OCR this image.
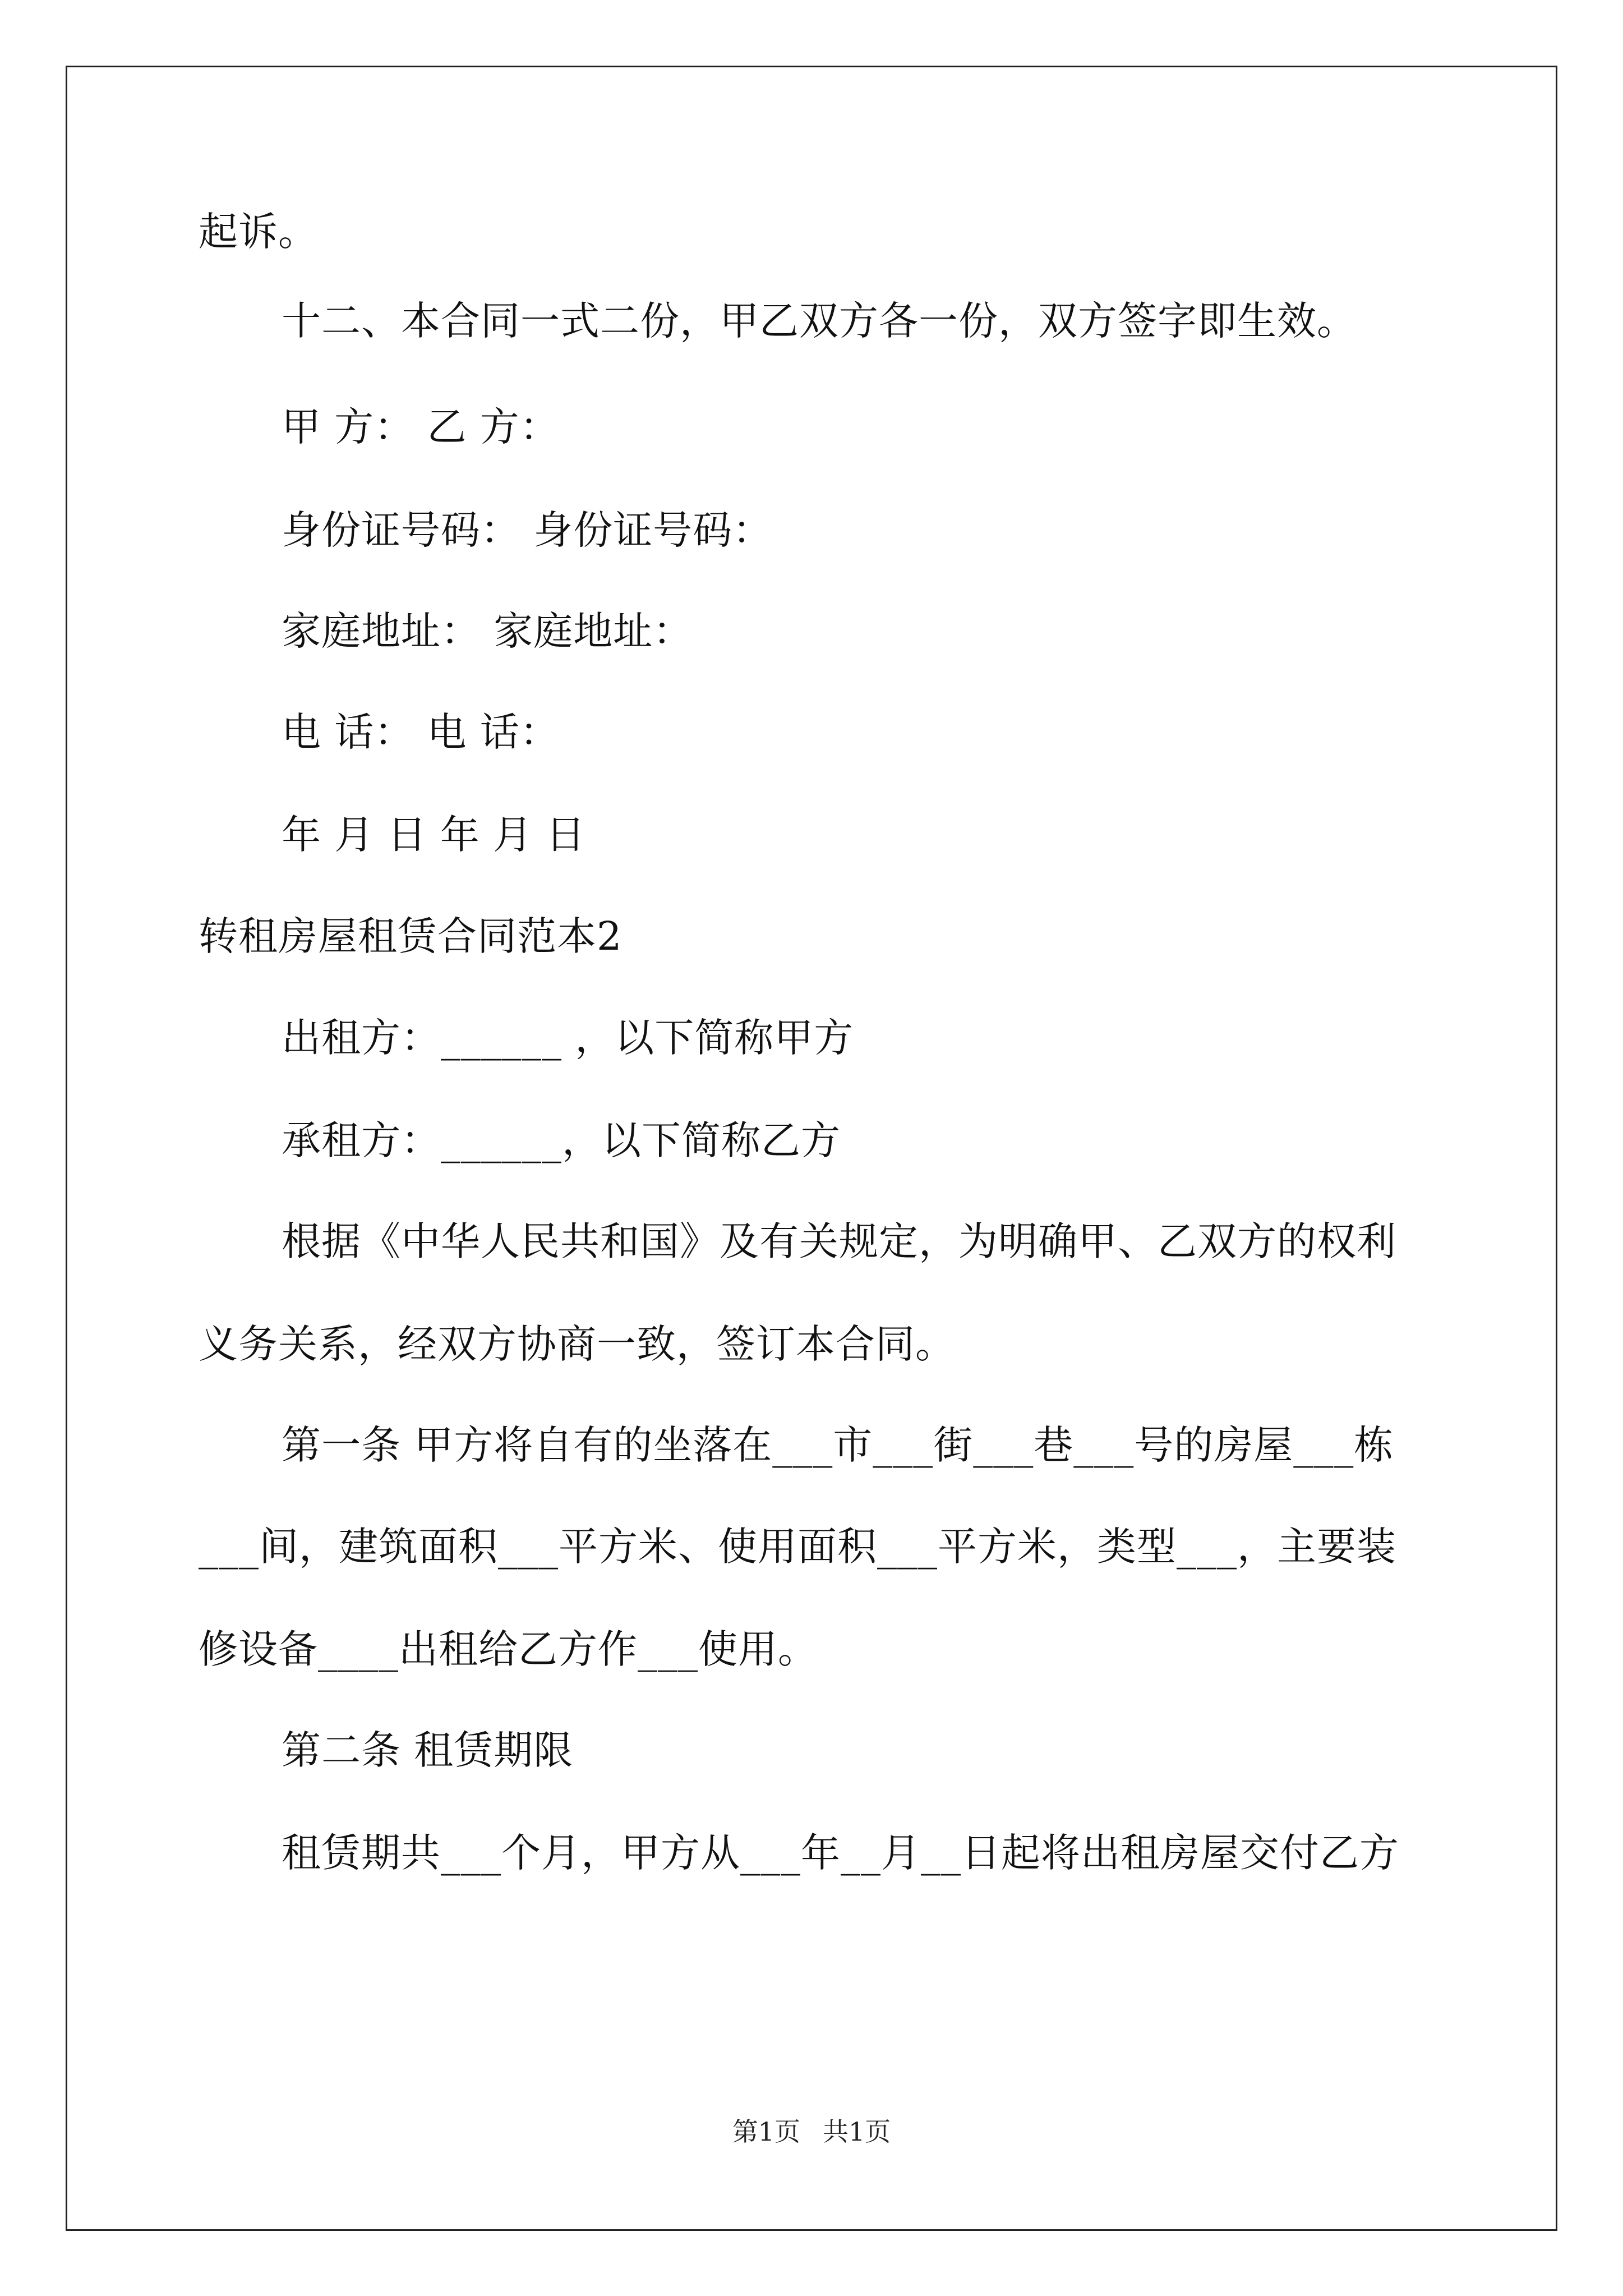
起诉。
十二、本合同一式二份，甲乙双方各一份，双方签字即生效。
甲 方： 乙 方：
身份证号码： 身份证号码：
家庭地址： 家庭地址：
电 话： 电 话：
年 月 日 年 月 日
转租房屋租赁合同范本2
出租方：______ ，以下简称甲方
承租方：______，以下简称乙方
根据《中华人民共和国》及有关规定，为明确甲、乙双方的权利
义务关系，经双方协商一致，签订本合同。
第一条 甲方将自有的坐落在___市___街___巷___号的房屋___栋
___间，建筑面积___平方米、使用面积___平方米，类型___，主要装
修设备____出租给乙方作___使用。
第二条 租赁期限
租赁期共___个月，甲方从___年__月__日起将出租房屋交付乙方
第1页 共1页
